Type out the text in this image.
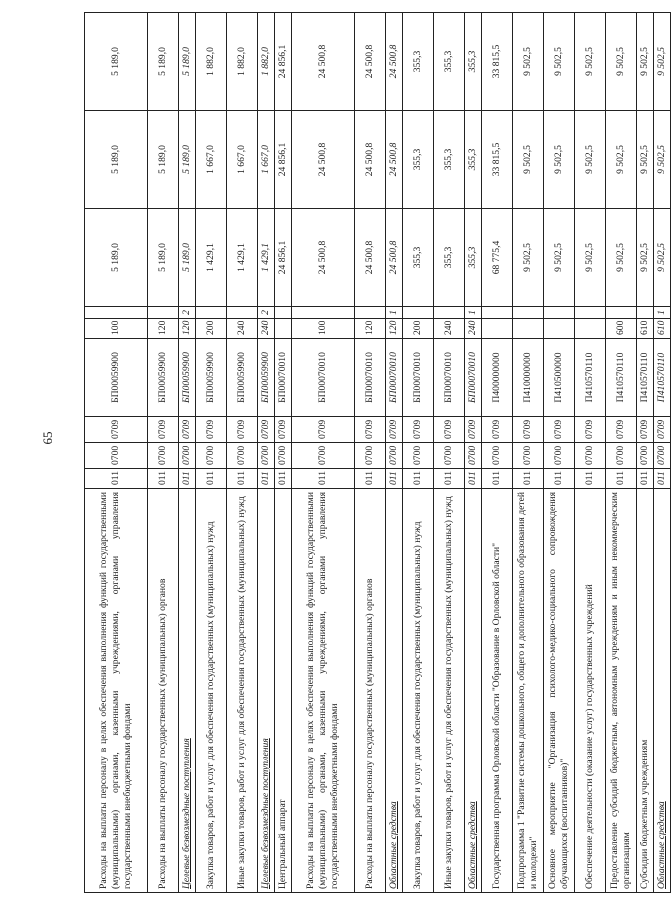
65
Расходы на выплаты персоналу в целях обеспечения выполнения функций государственными (муниципальными) органами, казенными учреждениями, органами управления государственными внебюджетными фондами	011	0700	0709	БП00059900	100		5 189,0	5 189,0	5 189,0
Расходы на выплаты персоналу государственных (муниципальных) органов	011	0700	0709	БП00059900	120		5 189,0	5 189,0	5 189,0
Целевые безвозмездные поступления	011	0700	0709	БП00059900	120	2	5 189,0	5 189,0	5 189,0
Закупка товаров, работ и услуг для обеспечения государственных (муниципальных) нужд	011	0700	0709	БП00059900	200		1 429,1	1 667,0	1 882,0
Иные закупки товаров, работ и услуг для обеспечения государственных (муниципальных) нужд	011	0700	0709	БП00059900	240		1 429,1	1 667,0	1 882,0
Целевые безвозмездные поступления	011	0700	0709	БП00059900	240	2	1 429,1	1 667,0	1 882,0
Центральный аппарат	011	0700	0709	БП00070010			24 856,1	24 856,1	24 856,1
Расходы на выплаты персоналу в целях обеспечения выполнения функций государственными (муниципальными) органами, казенными учреждениями, органами управления государственными внебюджетными фондами	011	0700	0709	БП00070010	100		24 500,8	24 500,8	24 500,8
Расходы на выплаты персоналу государственных (муниципальных) органов	011	0700	0709	БП00070010	120		24 500,8	24 500,8	24 500,8
Областные средства	011	0700	0709	БП00070010	120	1	24 500,8	24 500,8	24 500,8
Закупка товаров, работ и услуг для обеспечения государственных (муниципальных) нужд	011	0700	0709	БП00070010	200		355,3	355,3	355,3
Иные закупки товаров, работ и услуг для обеспечения государственных (муниципальных) нужд	011	0700	0709	БП00070010	240		355,3	355,3	355,3
Областные средства	011	0700	0709	БП00070010	240	1	355,3	355,3	355,3
Государственная программа Орловской области "Образование в Орловской области"	011	0700	0709	П400000000			68 775,4	33 815,5	33 815,5
Подпрограмма 1 "Развитие системы дошкольного, общего и дополнительного образования детей и молодежи"	011	0700	0709	П410000000			9 502,5	9 502,5	9 502,5
Основное мероприятие "Организация психолого-медико-социального сопровождения обучающихся (воспитанников)"	011	0700	0709	П410500000			9 502,5	9 502,5	9 502,5
Обеспечение деятельности (оказание услуг) государственных учреждений	011	0700	0709	П410570110			9 502,5	9 502,5	9 502,5
Предоставление субсидий бюджетным, автономным учреждениям и иным некоммерческим организациям	011	0700	0709	П410570110	600		9 502,5	9 502,5	9 502,5
Субсидии бюджетным учреждениям	011	0700	0709	П410570110	610		9 502,5	9 502,5	9 502,5
Областные средства	011	0700	0709	П410570110	610	1	9 502,5	9 502,5	9 502,5
